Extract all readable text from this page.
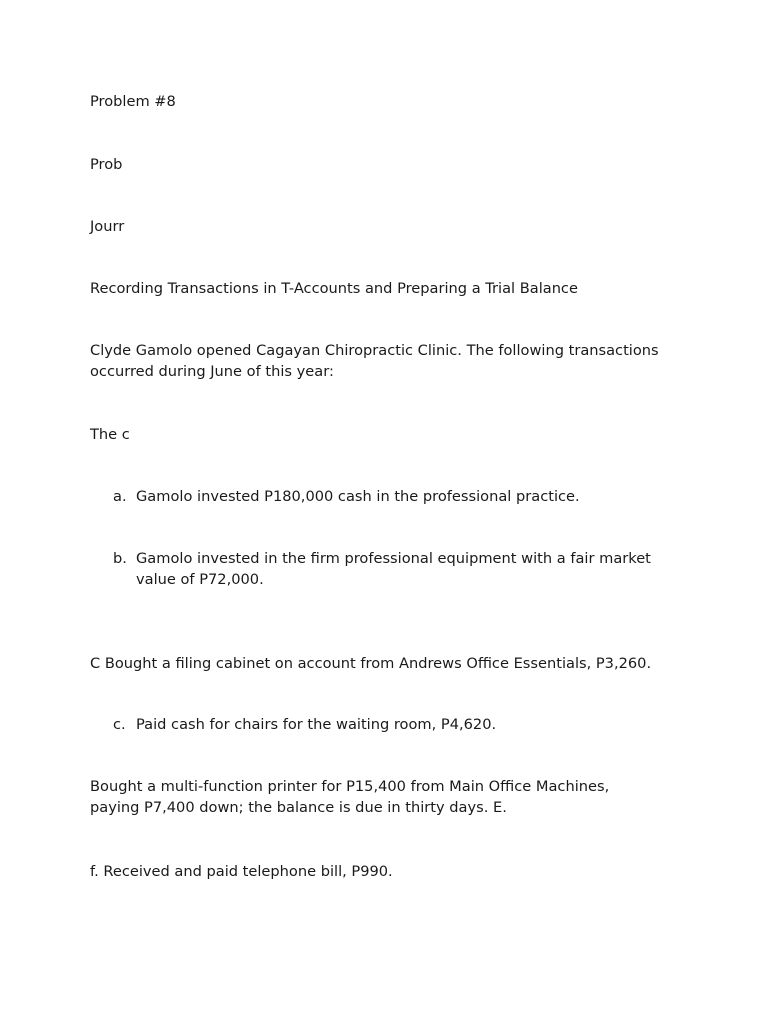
Problem #8

Prob

Jourr

Recording Transactions in T-Accounts and Preparing a Trial Balance

Clyde Gamolo opened Cagayan Chiropractic Clinic. The following transactions occurred during June of this year:

The c

a. Gamolo invested P180,000 cash in the professional practice.
b. Gamolo invested in the firm professional equipment with a fair market value of P72,000.

C Bought a filing cabinet on account from Andrews Office Essentials, P3,260.

c. Paid cash for chairs for the waiting room, P4,620.

Bought a multi-function printer for P15,400 from Main Office Machines, paying P7,400 down; the balance is due in thirty days. E.

f. Received and paid telephone bill, P990.
